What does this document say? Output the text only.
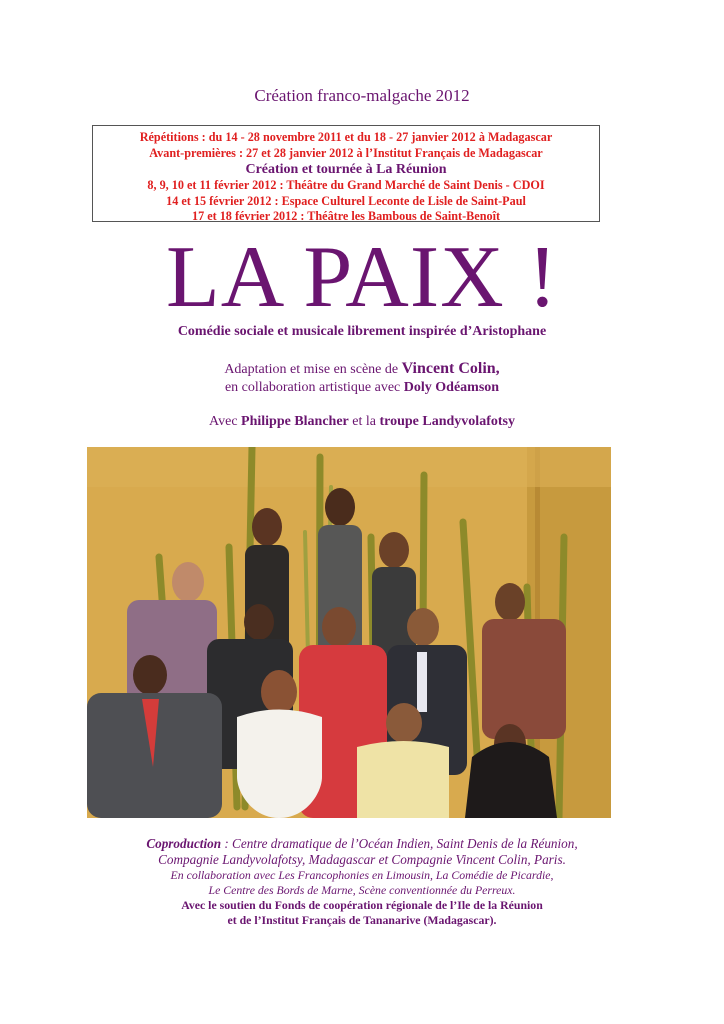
Création franco-malgache 2012
Répétitions : du 14 - 28 novembre 2011 et du 18 - 27 janvier 2012 à Madagascar
Avant-premières : 27 et 28 janvier 2012 à l’Institut Français de Madagascar
Création et tournée à La Réunion
8, 9, 10 et 11 février 2012 : Théâtre du Grand Marché de Saint Denis - CDOI
14 et 15 février 2012 : Espace Culturel Leconte de Lisle de Saint-Paul
17 et 18 février 2012 : Théâtre les Bambous de Saint-Benoît
LA PAIX !
Comédie sociale et musicale librement inspirée d’Aristophane
Adaptation et mise en scène de Vincent Colin,
en collaboration artistique avec Doly Odéamson
Avec Philippe Blancher et la troupe Landyvolafotsy
Coproduction : Centre dramatique de l’Océan Indien, Saint Denis de la Réunion,
Compagnie Landyvolafotsy, Madagascar et Compagnie Vincent Colin, Paris.
En collaboration avec Les Francophonies en Limousin, La Comédie de Picardie,
Le Centre des Bords de Marne, Scène conventionnée du Perreux.
Avec le soutien du Fonds de coopération régionale de l’Ile de la Réunion
et de l’Institut Français de Tananarive (Madagascar).
